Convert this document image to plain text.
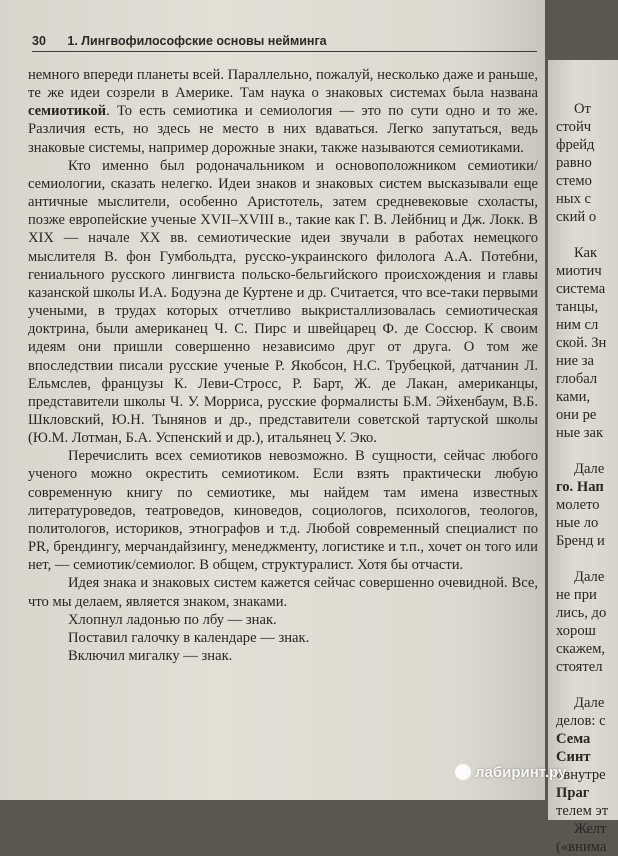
30 1. Лингвофилософские основы нейминга

немного впереди планеты всей. Параллельно, пожалуй, несколько даже и раньше, те же идеи созрели в Америке. Там наука о знаковых системах была названа семиотикой. То есть семиотика и семиология — это по сути одно и то же. Различия есть, но здесь не место в них вдаваться. Легко запутаться, ведь знаковые системы, например дорожные знаки, также называются семиотиками.

Кто именно был родоначальником и основоположником семиотики/семиологии, сказать нелегко. Идеи знаков и знаковых систем высказывали еще античные мыслители, особенно Аристотель, затем средневековые схоласты, позже европейские ученые XVII–XVIII в., такие как Г. В. Лейбниц и Дж. Локк. В XIX — начале XX вв. семиотические идеи звучали в работах немецкого мыслителя В. фон Гумбольдта, русско-украинского филолога А.А. Потебни, гениального русского лингвиста польско-бельгийского происхождения и главы казанской школы И.А. Бодуэна де Куртене и др. Считается, что все-таки первыми учеными, в трудах которых отчетливо выкристаллизовалась семиотическая доктрина, были американец Ч. С. Пирс и швейцарец Ф. де Соссюр. К своим идеям они пришли совершенно независимо друг от друга. О том же впоследствии писали русские ученые Р. Якобсон, Н.С. Трубецкой, датчанин Л. Ельмслев, французы К. Леви-Стросс, Р. Барт, Ж. де Лакан, американцы, представители школы Ч. У. Морриса, русские формалисты Б.М. Эйхенбаум, В.Б. Шкловский, Ю.Н. Тынянов и др., представители советской тартуской школы (Ю.М. Лотман, Б.А. Успенский и др.), итальянец У. Эко.

Перечислить всех семиотиков невозможно. В сущности, сейчас любого ученого можно окрестить семиотиком. Если взять практически любую современную книгу по семиотике, мы найдем там имена известных литературоведов, театроведов, киноведов, социологов, психологов, теологов, политологов, историков, этнографов и т.д. Любой современный специалист по PR, брендингу, мерчандайзингу, менеджменту, логистике и т.п., хочет он того или нет, — семиотик/семиолог. В общем, структуралист. Хотя бы отчасти.

Идея знака и знаковых систем кажется сейчас совершенно очевидной. Все, что мы делаем, является знаком, знаками.

Хлопнул ладонью по лбу — знак.
Поставил галочку в календаре — знак.
Включил мигалку — знак.
От
стойч
фрейд
равно
стемо
ных с
ский о
Как
миотич
система
танцы,
ним сл
ской. Зн
ние за
глобал
ками,
они ре
ные зак
Дале
го. Нап
молето
ные ло
Бренд и
Дале
не при
лись, до
хорош
скажем,
стоятел
Дале
делов: с
Сема
Синт
«внутре
Праг
телем эт
Желт
(«внима
лабиринт.ру
